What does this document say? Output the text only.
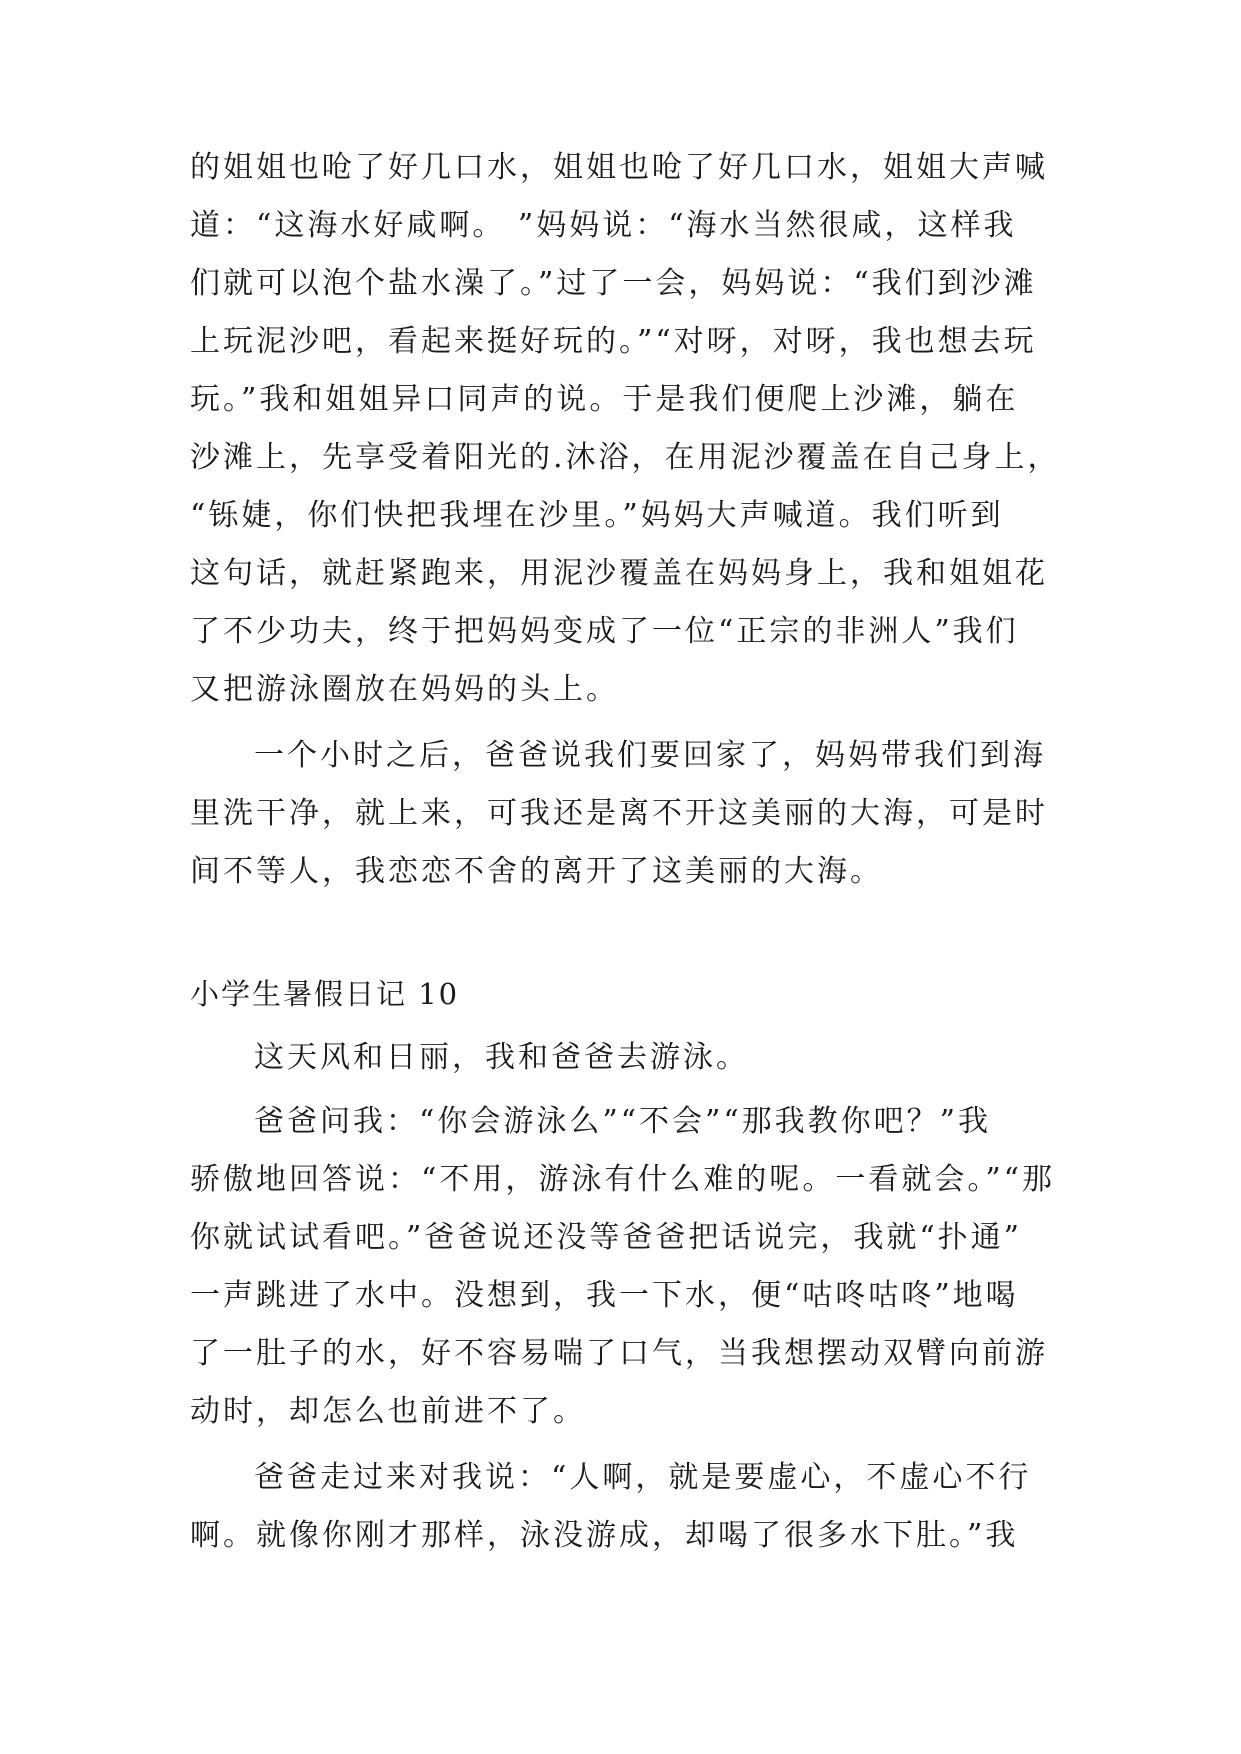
的姐姐也呛了好几口水，姐姐也呛了好几口水，姐姐大声喊
道：“这海水好咸啊。 ”妈妈说：“海水当然很咸，这样我
们就可以泡个盐水澡了。”过了一会，妈妈说：“我们到沙滩
上玩泥沙吧，看起来挺好玩的。”“对呀，对呀，我也想去玩
玩。”我和姐姐异口同声的说。于是我们便爬上沙滩，躺在
沙滩上，先享受着阳光的.沐浴，在用泥沙覆盖在自己身上，
“铄婕，你们快把我埋在沙里。”妈妈大声喊道。我们听到
这句话，就赶紧跑来，用泥沙覆盖在妈妈身上，我和姐姐花
了不少功夫，终于把妈妈变成了一位“正宗的非洲人”我们
又把游泳圈放在妈妈的头上。
一个小时之后，爸爸说我们要回家了，妈妈带我们到海
里洗干净，就上来，可我还是离不开这美丽的大海，可是时
间不等人，我恋恋不舍的离开了这美丽的大海。
小学生暑假日记 10
这天风和日丽，我和爸爸去游泳。
爸爸问我：“你会游泳么”“不会”“那我教你吧？”我
骄傲地回答说：“不用，游泳有什么难的呢。一看就会。”“那
你就试试看吧。”爸爸说还没等爸爸把话说完，我就“扑通”
一声跳进了水中。没想到，我一下水，便“咕咚咕咚”地喝
了一肚子的水，好不容易喘了口气，当我想摆动双臂向前游
动时，却怎么也前进不了。
爸爸走过来对我说：“人啊，就是要虚心，不虚心不行
啊。就像你刚才那样，泳没游成，却喝了很多水下肚。”我
